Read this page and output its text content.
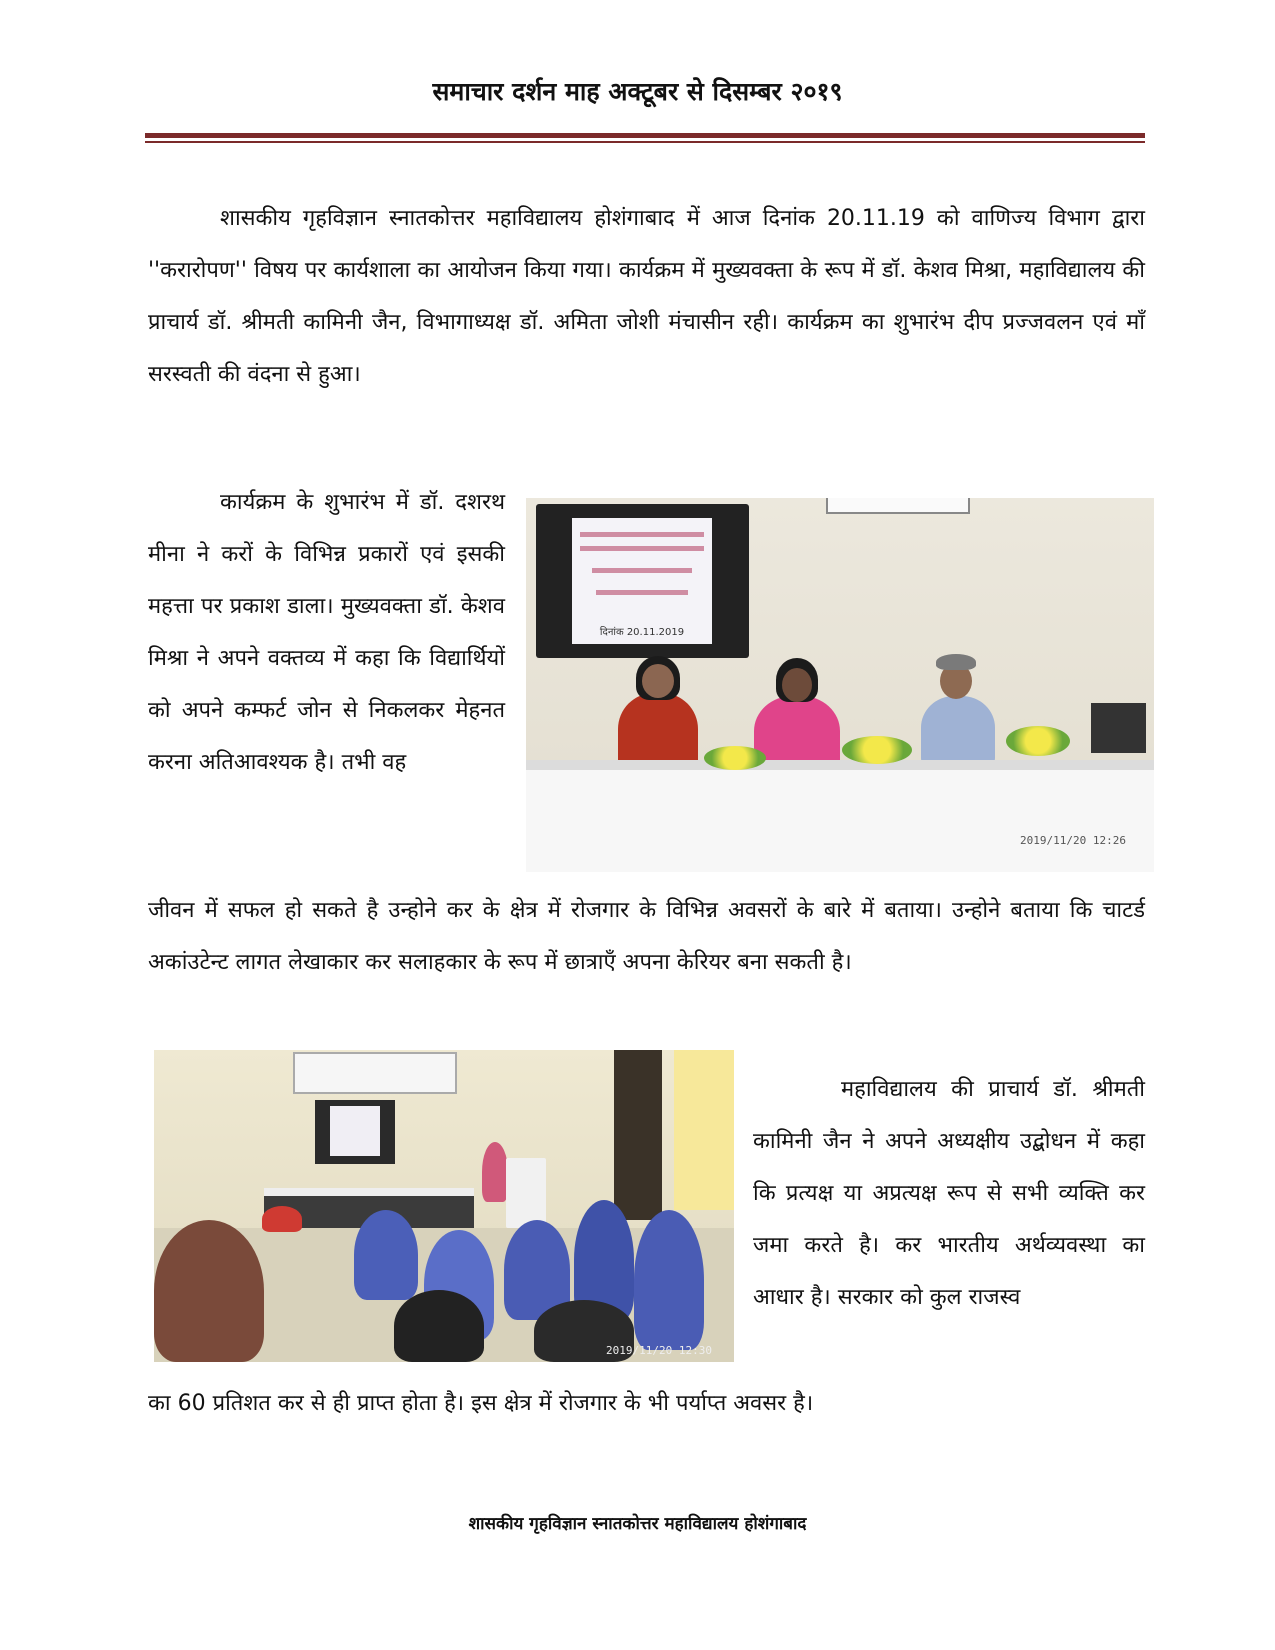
समाचार दर्शन माह अक्टूबर से दिसम्बर २०१९

शासकीय गृहविज्ञान स्नातकोत्तर महाविद्यालय होशंगाबाद में आज दिनांक 20.11.19 को वाणिज्य विभाग द्वारा ''करारोपण'' विषय पर कार्यशाला का आयोजन किया गया। कार्यक्रम में मुख्यवक्ता के रूप में डॉ. केशव मिश्रा, महाविद्यालय की प्राचार्य डॉ. श्रीमती कामिनी जैन, विभागाध्यक्ष डॉ. अमिता जोशी मंचासीन रही। कार्यक्रम का शुभारंभ दीप प्रज्जवलन एवं माँ सरस्वती की वंदना से हुआ।

कार्यक्रम के शुभारंभ में डॉ. दशरथ मीना ने करों के विभिन्न प्रकारों एवं इसकी महत्ता पर प्रकाश डाला। मुख्यवक्ता डॉ. केशव मिश्रा ने अपने वक्तव्य में कहा कि विद्यार्थियों को अपने कम्फर्ट जोन से निकलकर मेहनत करना अतिआवश्यक है। तभी वह

दिनांक 20.11.2019
2019/11/20 12:26

जीवन में सफल हो सकते है उन्होने कर के क्षेत्र में रोजगार के विभिन्न अवसरों के बारे में बताया। उन्होने बताया कि चाटर्ड अकांउटेन्ट लागत लेखाकार कर सलाहकार के रूप में छात्राएँ अपना केरियर बना सकती है।

2019/11/20 12:30

महाविद्यालय की प्राचार्य डॉ. श्रीमती कामिनी जैन ने अपने अध्यक्षीय उद्बोधन में कहा कि प्रत्यक्ष या अप्रत्यक्ष रूप से सभी व्यक्ति कर जमा करते है। कर भारतीय अर्थव्यवस्था का आधार है। सरकार को कुल राजस्व

का 60 प्रतिशत कर से ही प्राप्त होता है। इस क्षेत्र में रोजगार के भी पर्याप्त अवसर है।

शासकीय गृहविज्ञान स्नातकोत्तर महाविद्यालय होशंगाबाद
